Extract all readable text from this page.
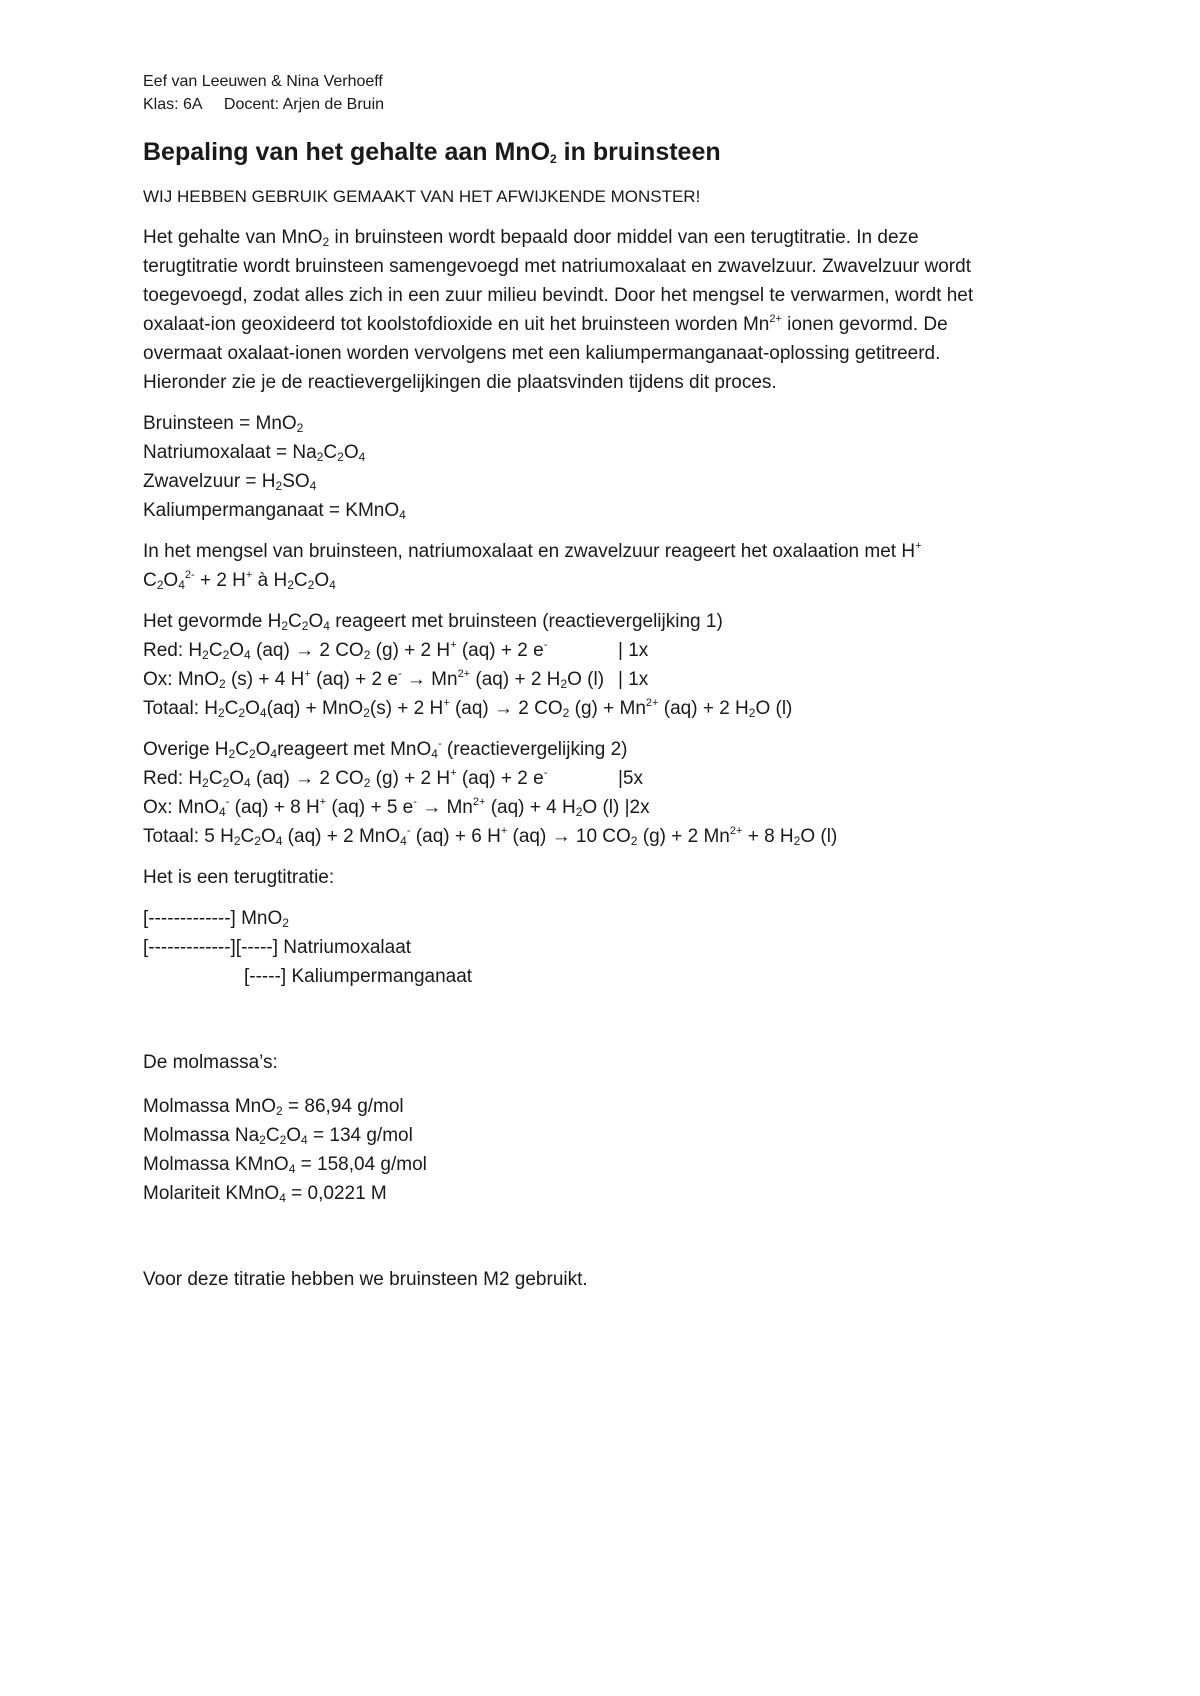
Eef van Leeuwen & Nina Verhoeff

Klas: 6A     Docent: Arjen de Bruin

Bepaling van het gehalte aan MnO$_2$ in bruinsteen

WIJ HEBBEN GEBRUIK GEMAAKT VAN HET AFWIJKENDE MONSTER!

Het gehalte van MnO$_2$ in bruinsteen wordt bepaald door middel van een terugtitratie. In deze

terugtitratie wordt bruinsteen samengevoegd met natriumoxalaat en zwavelzuur. Zwavelzuur wordt

toegevoegd, zodat alles zich in een zuur milieu bevindt. Door het mengsel te verwarmen, wordt het

oxalaat-ion geoxideerd tot koolstofdioxide en uit het bruinsteen worden $Mn^{2+}$ ionen gevormd. De

overmaat oxalaat-ionen worden vervolgens met een kaliumpermanganaat-oplossing getitreerd.

Hieronder zie je de reactievergelijkingen die plaatsvinden tijdens dit proces.

Bruinsteen = MnO$_2$

Natriumoxalaat = $Na_2C_2O_4$

Zwavelzuur = $H_2SO_4$

Kaliumpermanganaat = KMnO$_4$

In het mengsel van bruinsteen, natriumoxalaat en zwavelzuur reageert het oxalaation met H+

$C_2O_4^{2-} + 2$ H+ à $H_2C_2O_4$

Het gevormde $H_2C_2O_4$ reageert met bruinsteen (reactievergelijking 1)

Red: $H_2C_2O_4$ (aq) → 2 $CO_2$ (g) + 2 H+ (aq) + 2 e-	| 1x

Ox: MnO$_2$ (s) + 4 H+ (aq) + 2 $e^- \to Mn^{2+}$ (aq) + 2 $H_2O$ (l) | 1x

Totaal: $H_2C_2O_4(aq) + MnO_2(s) + 2$ H+ (aq) → 2 $CO_2$ $(g) + Mn^{2+}$ (aq) + 2 $H_2O$ (l)

Overige $H_2C_2O_4reageert$ met MnO$_4$- (reactievergelijking 2)

Red: $H_2C_2O_4$ (aq) → 2 $CO_2$ (g) + 2 H+ (aq) + 2 e-	|5x

Ox: MnO$_4$- (aq) + 8 H+ (aq) + 5 $e^- \to Mn^{2+}$ (aq) + 4 $H_2O$ (l) |2x

Totaal: 5 $H_2C_2O_4$ (aq) + 2 MnO$_4$- (aq) + 6 H+ (aq) → 10 $CO_2$ (g) + 2 $Mn^{2+} + 8$ $H_2O$ (l)

Het is een terugtitratie:

[-------------] MnO$_2$

[-------------][-----] Natriumoxalaat

[-----] Kaliumpermanganaat

De molmassa’s:

Molmassa MnO$_2$ = 86,94 g/mol

Molmassa $Na_2C_2O_4 = 134$ g/mol

Molmassa KMnO$_4$ = 158,04 g/mol

Molariteit KMnO$_4$ = 0,0221 M

Voor deze titratie hebben we bruinsteen M2 gebruikt.
